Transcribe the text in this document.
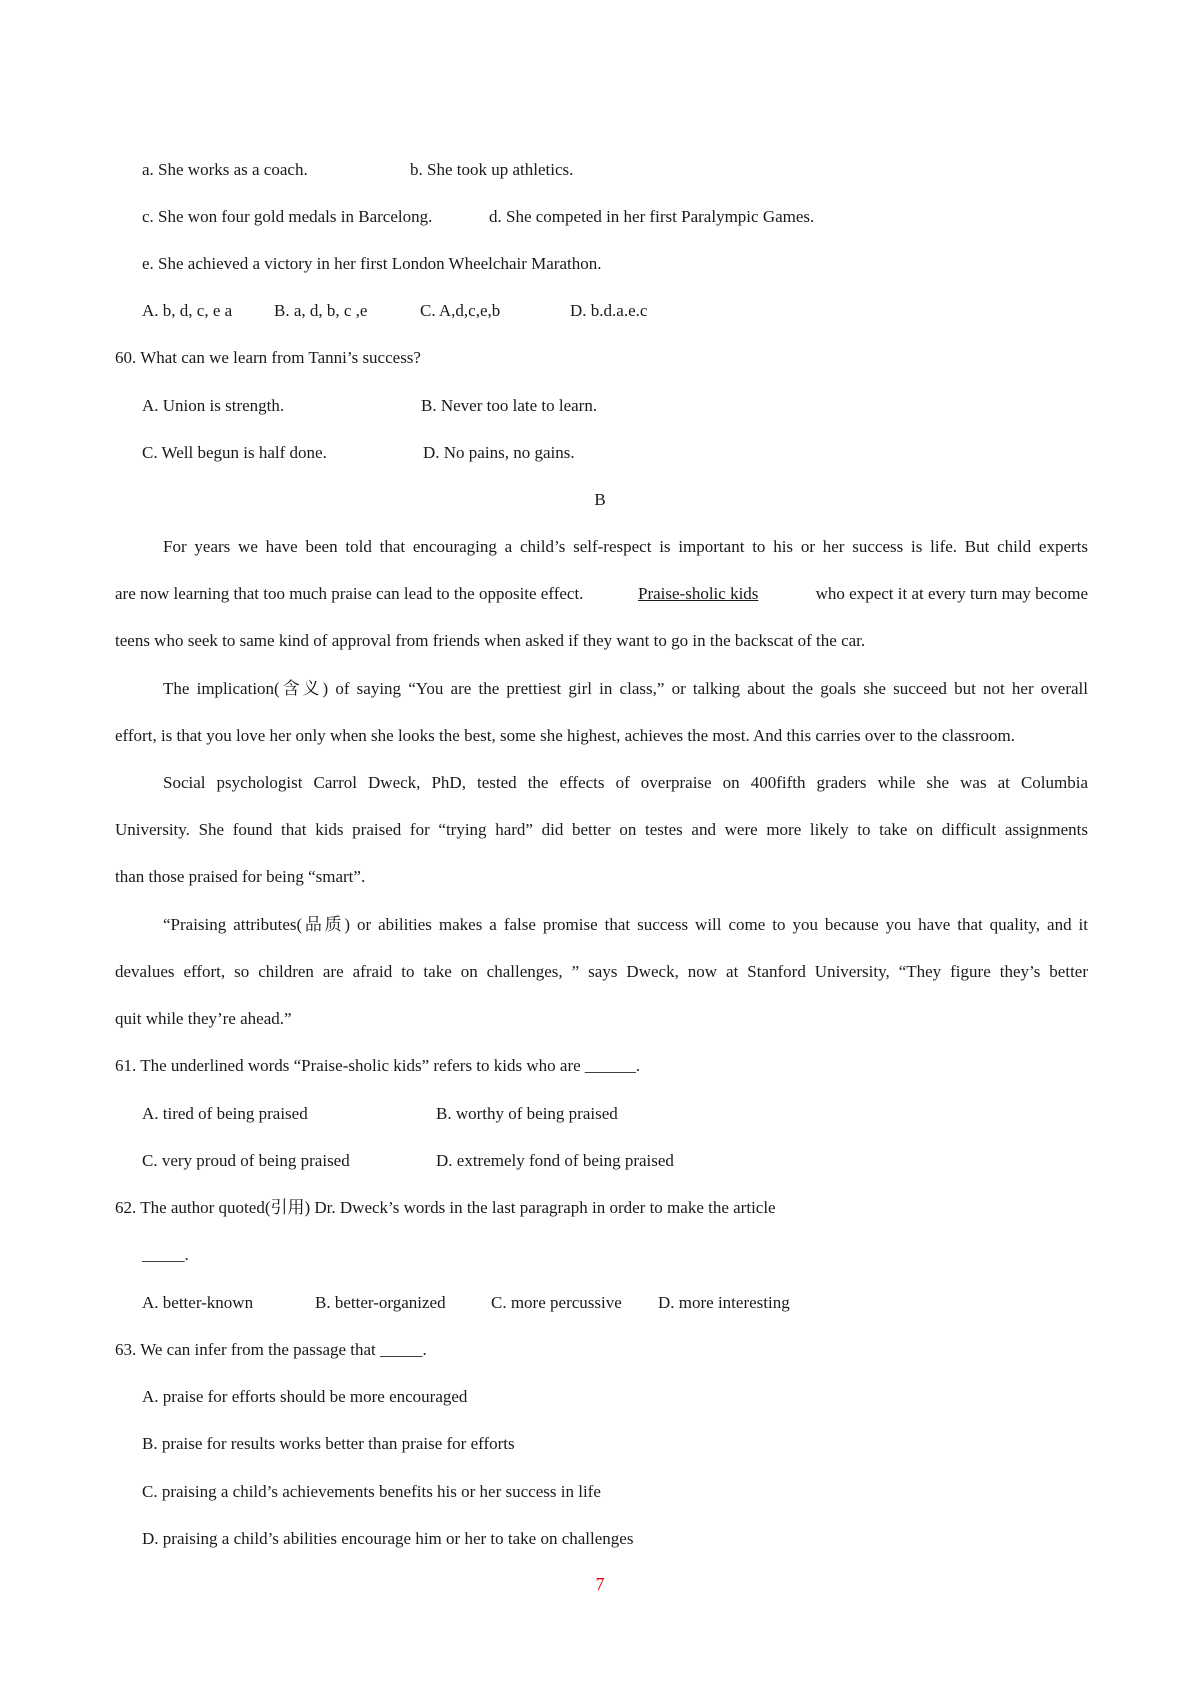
a. She works as a coach.	b. She took up athletics.
c. She won four gold medals in Barcelong.	d. She competed in her first Paralympic Games.
e. She achieved a victory in her first London Wheelchair Marathon.
A. b, d, c, e a B. a, d, b, c ,e	C. A,d,c,e,b	D. b.d.a.e.c
60. What can we learn from Tanni’s success?
A. Union is strength.	B. Never too late to learn.
C. Well begun is half done.	D. No pains, no gains.
B
For years we have been told that encouraging a child’s self-respect is important to his or her success is life. But child experts
are now learning that too much praise can lead to the opposite effect.	Praise-sholic kids	who expect it at every turn may become
teens who seek to same kind of approval from friends when asked if they want to go in the backscat of the car.
The implication(含义) of saying “You are the prettiest girl in class,” or talking about the goals she succeed but not her overall
effort, is that you love her only when she looks the best, some she highest, achieves the most. And this carries over to the classroom.
Social psychologist Carrol Dweck, PhD, tested the effects of overpraise on 400fifth graders while she was at Columbia
University. She found that kids praised for “trying hard” did better on testes and were more likely to take on difficult assignments
than those praised for being “smart”.
“Praising attributes(品质) or abilities makes a false promise that success will come to you because you have that quality, and it
devalues effort, so children are afraid to take on challenges, ” says Dweck, now at Stanford University, “They figure they’s better
quit while they’re ahead.”
61. The underlined words “Praise-sholic kids” refers to kids who are ______.
A. tired of being praised	B. worthy of being praised
C. very proud of being praised	D. extremely fond of being praised
62. The author quoted(引用) Dr. Dweck’s words in the last paragraph in order to make the article
_____.
A. better-known	B. better-organized	C. more percussive D. more interesting
63. We can infer from the passage that _____.
A. praise for efforts should be more encouraged
B. praise for results works better than praise for efforts
C. praising a child’s achievements benefits his or her success in life
D. praising a child’s abilities encourage him or her to take on challenges
7
